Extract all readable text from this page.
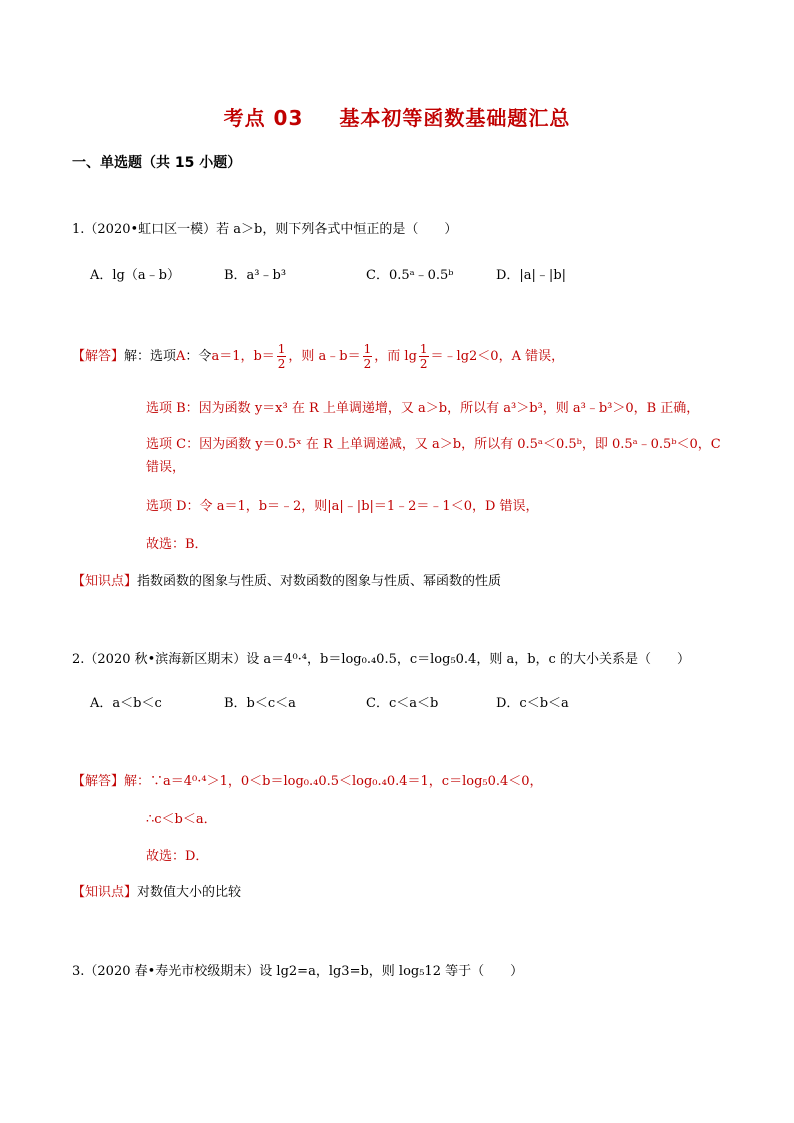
考点 03 基本初等函数基础题汇总
一、单选题（共 15 小题）
1.（2020•虹口区一模）若 a＞b，则下列各式中恒正的是（　　）
A．lg（a﹣b）	B．a³﹣b³	C．0.5ᵃ﹣0.5ᵇ	D．|a|﹣|b|
【解答】解：选项A：令a＝1，$b= \frac{1}{2}$ ，则 a﹣b＝ $\frac{1}{2}$ ，而 $\lg \frac{1}{2}$ ＝﹣lg2＜0，A 错误，
选项 B：因为函数 y＝x³ 在 R 上单调递增，又 a＞b，所以有 a³＞b³，则 a³﹣b³＞0，B 正确，
选项 C：因为函数 y＝0.5ˣ 在 R 上单调递减，又 a＞b，所以有 0.5ᵃ＜0.5ᵇ，即 0.5ᵃ﹣0.5ᵇ＜0，C
错误，
选项 D：令 a＝1，b＝﹣2，则|a|﹣|b|＝1﹣2＝﹣1＜0，D 错误，
故选：B．
【知识点】指数函数的图象与性质、对数函数的图象与性质、幂函数的性质
2.（2020 秋•滨海新区期末）设 a＝4⁰·⁴，b＝log₀.₄0.5，c＝log₅0.4，则 a，b，c 的大小关系是（　　）
A．a＜b＜c	B．b＜c＜a	C．c＜a＜b	D．c＜b＜a
【解答】解：∵a＝4⁰·⁴＞1，0＜b＝log₀.₄0.5＜log₀.₄0.4＝1，c＝log₅0.4＜0，
∴c＜b＜a．
故选：D．
【知识点】对数值大小的比较
3.（2020 春•寿光市校级期末）设 lg2=a，lg3=b，则 log₅12 等于（　　）
